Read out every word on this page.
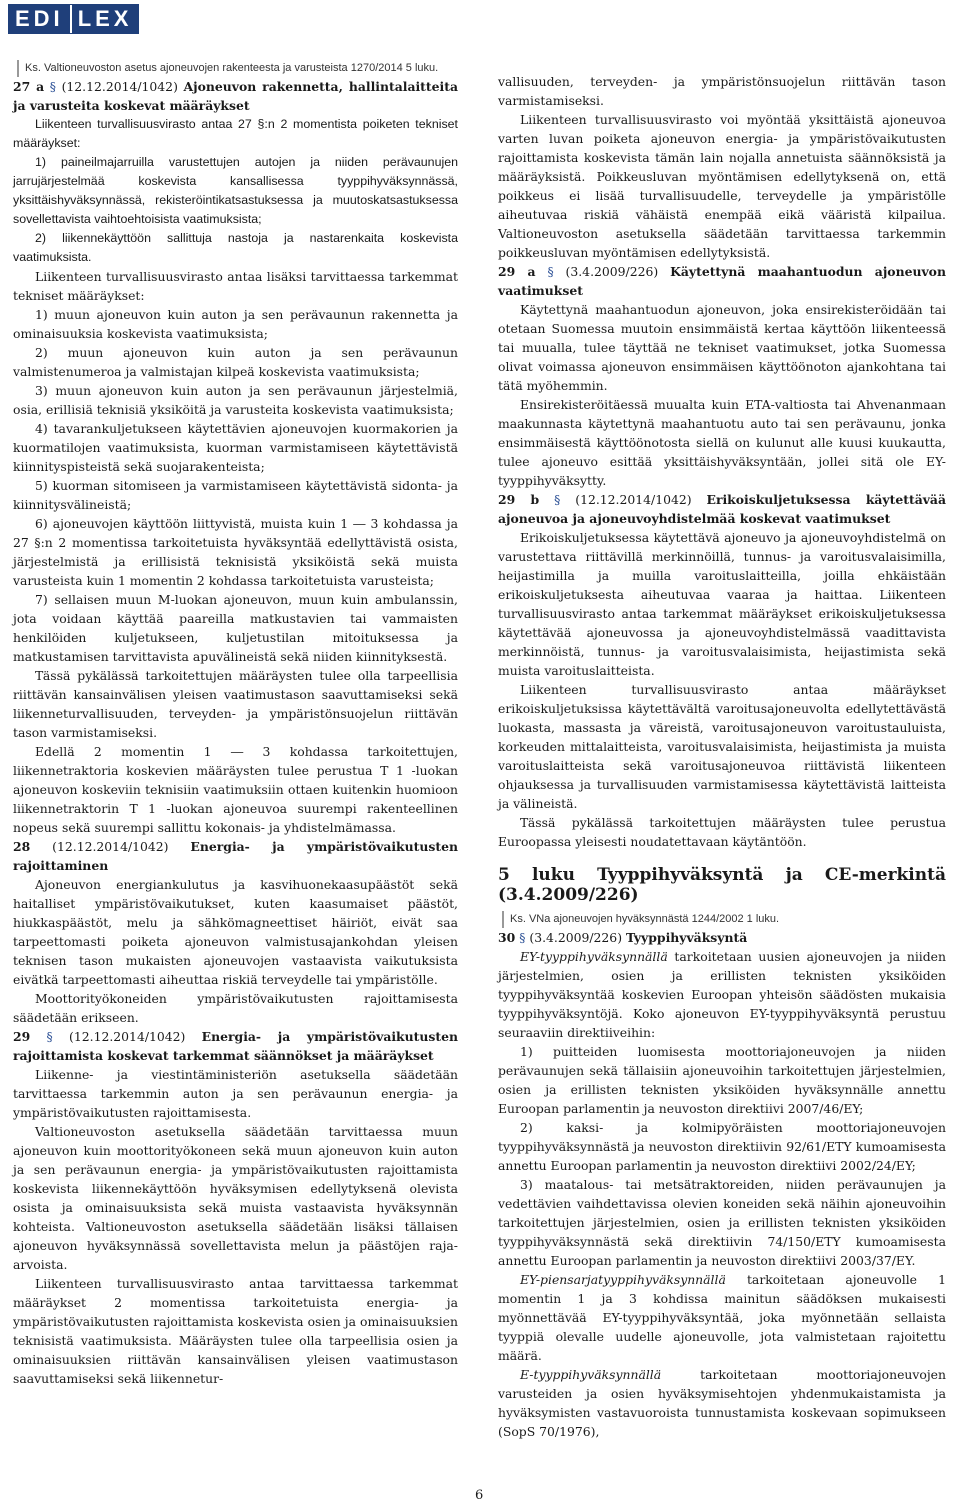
EDI LEX

Ks. Valtioneuvoston asetus ajoneuvojen rakenteesta ja varusteista 1270/2014 5 luku.

27 a § (12.12.2014/1042) Ajoneuvon rakennetta, hallintalaitteita ja varusteita koskevat määräykset

Liikenteen turvallisuusvirasto antaa 27 §:n 2 momentista poiketen tekniset määräykset:

1) paineilmajarruilla varustettujen autojen ja niiden perävaunujen jarrujärjestelmää koskevista kansallisessa tyyppihyväksynnässä, yksittäishyväksynnässä, rekisteröintikatsastuksessa ja muutoskatsastuksessa sovellettavista vaihtoehtoisista vaatimuksista;

2) liikennekäyttöön sallittuja nastoja ja nastarenkaita koskevista vaatimuksista.

Liikenteen turvallisuusvirasto antaa lisäksi tarvittaessa tarkemmat tekniset määräykset:

1) muun ajoneuvon kuin auton ja sen perävaunun rakennetta ja ominaisuuksia koskevista vaatimuksista;

2) muun ajoneuvon kuin auton ja sen perävaunun valmistenumeroa ja valmistajan kilpeä koskevista vaatimuksista;

3) muun ajoneuvon kuin auton ja sen perävaunun järjestelmiä, osia, erillisiä teknisiä yksiköitä ja varusteita koskevista vaatimuksista;

4) tavarankuljetukseen käytettävien ajoneuvojen kuormakorien ja kuormatilojen vaatimuksista, kuorman varmistamiseen käytettävistä kiinnityspisteistä sekä suojarakenteista;

5) kuorman sitomiseen ja varmistamiseen käytettävistä sidonta- ja kiinnitysvälineistä;

6) ajoneuvojen käyttöön liittyvistä, muista kuin 1 ― 3 kohdassa ja 27 §:n 2 momentissa tarkoitetuista hyväksyntää edellyttävistä osista, järjestelmistä ja erillisistä teknisistä yksiköistä sekä muista varusteista kuin 1 momentin 2 kohdassa tarkoitetuista varusteista;

7) sellaisen muun M-luokan ajoneuvon, muun kuin ambulanssin, jota voidaan käyttää paareilla matkustavien tai vammaisten henkilöiden kuljetukseen, kuljetustilan mitoituksessa ja matkustamisen tarvittavista apuvälineistä sekä niiden kiinnityksestä.

Tässä pykälässä tarkoitettujen määräysten tulee olla tarpeellisia riittävän kansainvälisen yleisen vaatimustason saavuttamiseksi sekä liikenneturvallisuuden, terveyden- ja ympäristönsuojelun riittävän tason varmistamiseksi.

Edellä 2 momentin 1 ― 3 kohdassa tarkoitettujen, liikennetraktoria koskevien määräysten tulee perustua T 1 -luokan ajoneuvon koskeviin teknisiin vaatimuksiin ottaen kuitenkin huomioon liikennetraktorin T 1 -luokan ajoneuvoa suurempi rakenteellinen nopeus sekä suurempi sallittu kokonais- ja yhdistelmämassa.

28 (12.12.2014/1042) Energia- ja ympäristövaikutusten rajoittaminen

Ajoneuvon energiankulutus ja kasvihuonekaasupäästöt sekä haitalliset ympäristövaikutukset, kuten kaasumaiset päästöt, hiukkaspäästöt, melu ja sähkömagneettiset häiriöt, eivät saa tarpeettomasti poiketa ajoneuvon valmistusajankohdan yleisen teknisen tason mukaisten ajoneuvojen vastaavista vaikutuksista eivätkä tarpeettomasti aiheuttaa riskiä terveydelle tai ympäristölle.

Moottorityökoneiden ympäristövaikutusten rajoittamisesta säädetään erikseen.

29 § (12.12.2014/1042) Energia- ja ympäristövaikutusten rajoittamista koskevat tarkemmat säännökset ja määräykset

Liikenne- ja viestintäministeriön asetuksella säädetään tarvittaessa tarkemmin auton ja sen perävaunun energia- ja ympäristövaikutusten rajoittamisesta.

Valtioneuvoston asetuksella säädetään tarvittaessa muun ajoneuvon kuin moottorityökoneen sekä muun ajoneuvon kuin auton ja sen perävaunun energia- ja ympäristövaikutusten rajoittamista koskevista liikennekäyttöön hyväksymisen edellytyksenä olevista osista ja ominaisuuksista sekä muista vastaavista hyväksynnän kohteista. Valtioneuvoston asetuksella säädetään lisäksi tällaisen ajoneuvon hyväksynnässä sovellettavista melun ja päästöjen raja-arvoista.

Liikenteen turvallisuusvirasto antaa tarvittaessa tarkemmat määräykset 2 momentissa tarkoitetuista energia- ja ympäristövaikutusten rajoittamista koskevista osien ja ominaisuuksien teknisistä vaatimuksista. Määräysten tulee olla tarpeellisia osien ja ominaisuuksien riittävän kansainvälisen yleisen vaatimustason saavuttamiseksi sekä liikennetur-

vallisuuden, terveyden- ja ympäristönsuojelun riittävän tason varmistamiseksi.

Liikenteen turvallisuusvirasto voi myöntää yksittäistä ajoneuvoa varten luvan poiketa ajoneuvon energia- ja ympäristövaikutusten rajoittamista koskevista tämän lain nojalla annetuista säännöksistä ja määräyksistä. Poikkeusluvan myöntämisen edellytyksenä on, että poikkeus ei lisää turvallisuudelle, terveydelle ja ympäristölle aiheutuvaa riskiä vähäistä enempää eikä vääristä kilpailua. Valtioneuvoston asetuksella säädetään tarvittaessa tarkemmin poikkeusluvan myöntämisen edellytyksistä.

29 a § (3.4.2009/226) Käytettynä maahantuodun ajoneuvon vaatimukset

Käytettynä maahantuodun ajoneuvon, joka ensirekisteröidään tai otetaan Suomessa muutoin ensimmäistä kertaa käyttöön liikenteessä tai muualla, tulee täyttää ne tekniset vaatimukset, jotka Suomessa olivat voimassa ajoneuvon ensimmäisen käyttöönoton ajankohtana tai tätä myöhemmin.

Ensirekisteröitäessä muualta kuin ETA-valtiosta tai Ahvenanmaan maakunnasta käytettynä maahantuotu auto tai sen perävaunu, jonka ensimmäisestä käyttöönotosta siellä on kulunut alle kuusi kuukautta, tulee ajoneuvo esittää yksittäishyväksyntään, jollei sitä ole EY-tyyppihyväksytty.

29 b § (12.12.2014/1042) Erikoiskuljetuksessa käytettävää ajoneuvoa ja ajoneuvoyhdistelmää koskevat vaatimukset

Erikoiskuljetuksessa käytettävä ajoneuvo ja ajoneuvoyhdistelmä on varustettava riittävillä merkinnöillä, tunnus- ja varoitusvalaisimilla, heijastimilla ja muilla varoituslaitteilla, joilla ehkäistään erikoiskuljetuksesta aiheutuvaa vaaraa ja haittaa. Liikenteen turvallisuusvirasto antaa tarkemmat määräykset erikoiskuljetuksessa käytettävää ajoneuvossa ja ajoneuvoyhdistelmässä vaadittavista merkinnöistä, tunnus- ja varoitusvalaisimista, heijastimista sekä muista varoituslaitteista.

Liikenteen turvallisuusvirasto antaa määräykset erikoiskuljetuksissa käytettävältä varoitusajoneuvolta edellytettävästä luokasta, massasta ja väreistä, varoitusajoneuvon varoitustauluista, korkeuden mittalaitteista, varoitusvalaisimista, heijastimista ja muista varoituslaitteista sekä varoitusajoneuvoa riittävistä liikenteen ohjauksessa ja turvallisuuden varmistamisessa käytettävistä laitteista ja välineistä.

Tässä pykälässä tarkoitettujen määräysten tulee perustua Euroopassa yleisesti noudatettavaan käytäntöön.

5 luku Tyyppihyväksyntä ja CE-merkintä (3.4.2009/226)

Ks. VNa ajoneuvojen hyväksynnästä 1244/2002 1 luku.

30 § (3.4.2009/226) Tyyppihyväksyntä

EY-tyyppihyväksynnällä tarkoitetaan uusien ajoneuvojen ja niiden järjestelmien, osien ja erillisten teknisten yksiköiden tyyppihyväksyntää koskevien Euroopan yhteisön säädösten mukaisia tyyppihyväksyntöjä. Koko ajoneuvon EY-tyyppihyväksyntä perustuu seuraaviin direktiiveihin:

1) puitteiden luomisesta moottoriajoneuvojen ja niiden perävaunujen sekä tällaisiin ajoneuvoihin tarkoitettujen järjestelmien, osien ja erillisten teknisten yksiköiden hyväksynnälle annettu Euroopan parlamentin ja neuvoston direktiivi 2007/46/EY;

2) kaksi- ja kolmipyöräisten moottoriajoneuvojen tyyppihyväksynnästä ja neuvoston direktiivin 92/61/ETY kumoamisesta annettu Euroopan parlamentin ja neuvoston direktiivi 2002/24/EY;

3) maatalous- tai metsätraktoreiden, niiden perävaunujen ja vedettävien vaihdettavissa olevien koneiden sekä näihin ajoneuvoihin tarkoitettujen järjestelmien, osien ja erillisten teknisten yksiköiden tyyppihyväksynnästä sekä direktiivin 74/150/ETY kumoamisesta annettu Euroopan parlamentin ja neuvoston direktiivi 2003/37/EY.

EY-piensarjatyyppihyväksynnällä tarkoitetaan ajoneuvolle 1 momentin 1 ja 3 kohdissa mainitun säädöksen mukaisesti myönnettävää EY-tyyppihyväksyntää, joka myönnetään sellaista tyyppiä olevalle uudelle ajoneuvolle, jota valmistetaan rajoitettu määrä.

E-tyyppihyväksynnällä tarkoitetaan moottoriajoneuvojen varusteiden ja osien hyväksymisehtojen yhdenmukaistamista ja hyväksymisten vastavuoroista tunnustamista koskevaan sopimukseen (SopS 70/1976),

6
